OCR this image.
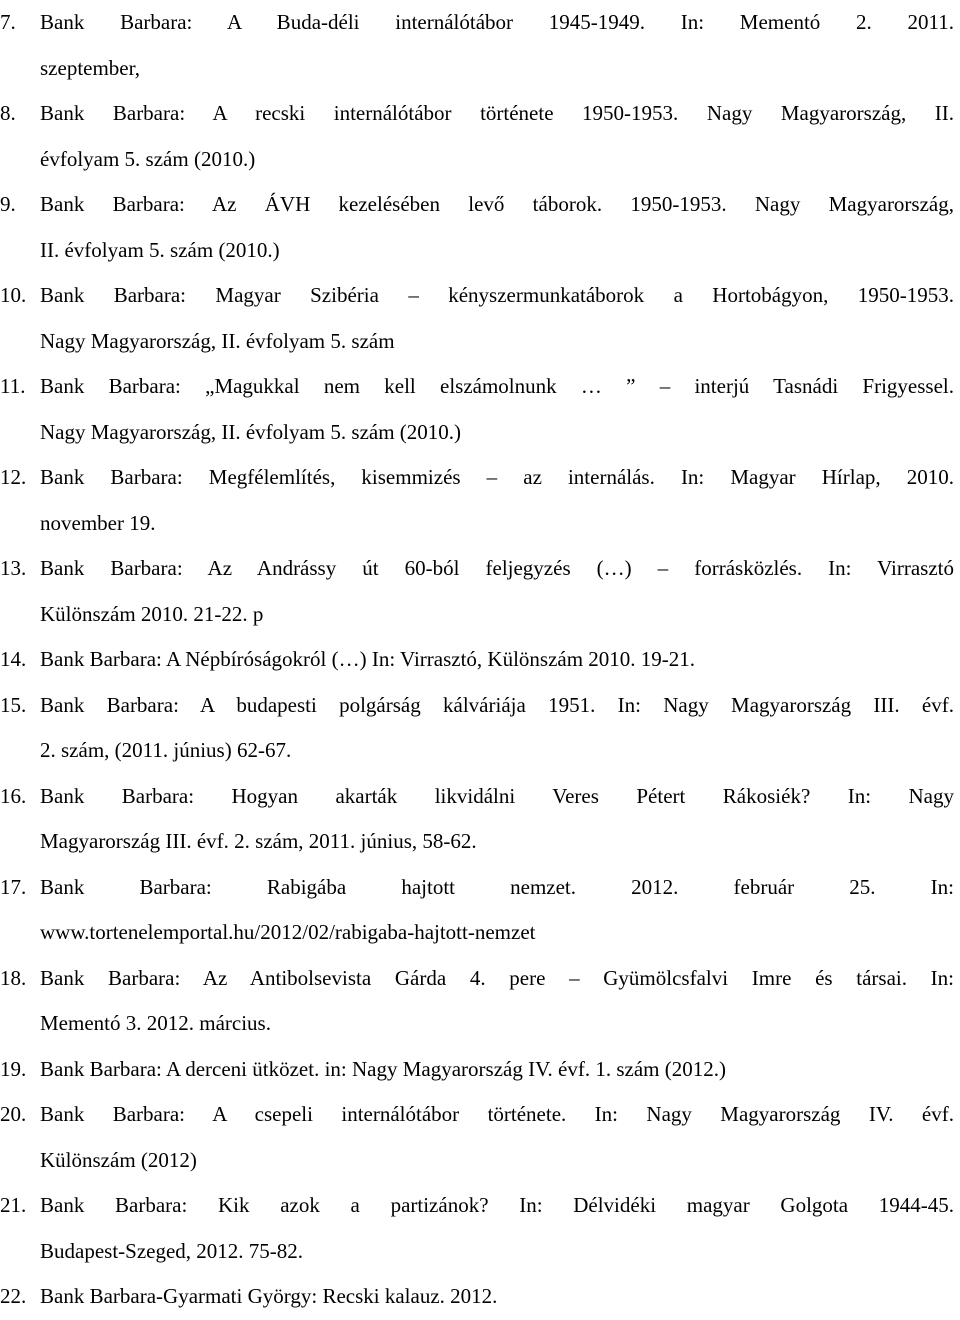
7.	Bank Barbara: A Buda-déli internálótábor 1945-1949. In: Mementó 2. 2011.
szeptember,
8.	Bank Barbara: A recski internálótábor története 1950-1953. Nagy Magyarország, II.
évfolyam 5. szám (2010.)
9.	Bank Barbara: Az ÁVH kezelésében levő táborok. 1950-1953. Nagy Magyarország,
II. évfolyam 5. szám (2010.)
10. Bank Barbara: Magyar Szibéria – kényszermunkatáborok a Hortobágyon, 1950-1953.
Nagy Magyarország, II. évfolyam 5. szám
11. Bank Barbara: „Magukkal nem kell elszámolnunk … ” – interjú Tasnádi Frigyessel.
Nagy Magyarország, II. évfolyam 5. szám (2010.)
12. Bank Barbara: Megfélemlítés, kisemmizés – az internálás. In: Magyar Hírlap, 2010.
november 19.
13. Bank Barbara: Az Andrássy út 60-ból feljegyzés (…) – forrásközlés. In: Virrasztó
Különszám 2010. 21-22. p
14. Bank Barbara: A Népbíróságokról (…) In: Virrasztó, Különszám 2010. 19-21.
15. Bank Barbara: A budapesti polgárság kálváriája 1951. In: Nagy Magyarország III. évf.
2. szám, (2011. június) 62-67.
16. Bank Barbara: Hogyan akarták likvidálni Veres Pétert Rákosiék? In: Nagy
Magyarország III. évf. 2. szám, 2011. június, 58-62.
17. Bank Barbara: Rabigába hajtott nemzet. 2012. február 25. In:
www.tortenelemportal.hu/2012/02/rabigaba-hajtott-nemzet
18. Bank Barbara: Az Antibolsevista Gárda 4. pere – Gyümölcsfalvi Imre és társai. In:
Mementó 3. 2012. március.
19. Bank Barbara: A derceni ütközet. in: Nagy Magyarország IV. évf. 1. szám (2012.)
20. Bank Barbara: A csepeli internálótábor története. In: Nagy Magyarország IV. évf.
Különszám (2012)
21. Bank Barbara: Kik azok a partizánok? In: Délvidéki magyar Golgota 1944-45.
Budapest-Szeged, 2012. 75-82.
22. Bank Barbara-Gyarmati György: Recski kalauz. 2012.
